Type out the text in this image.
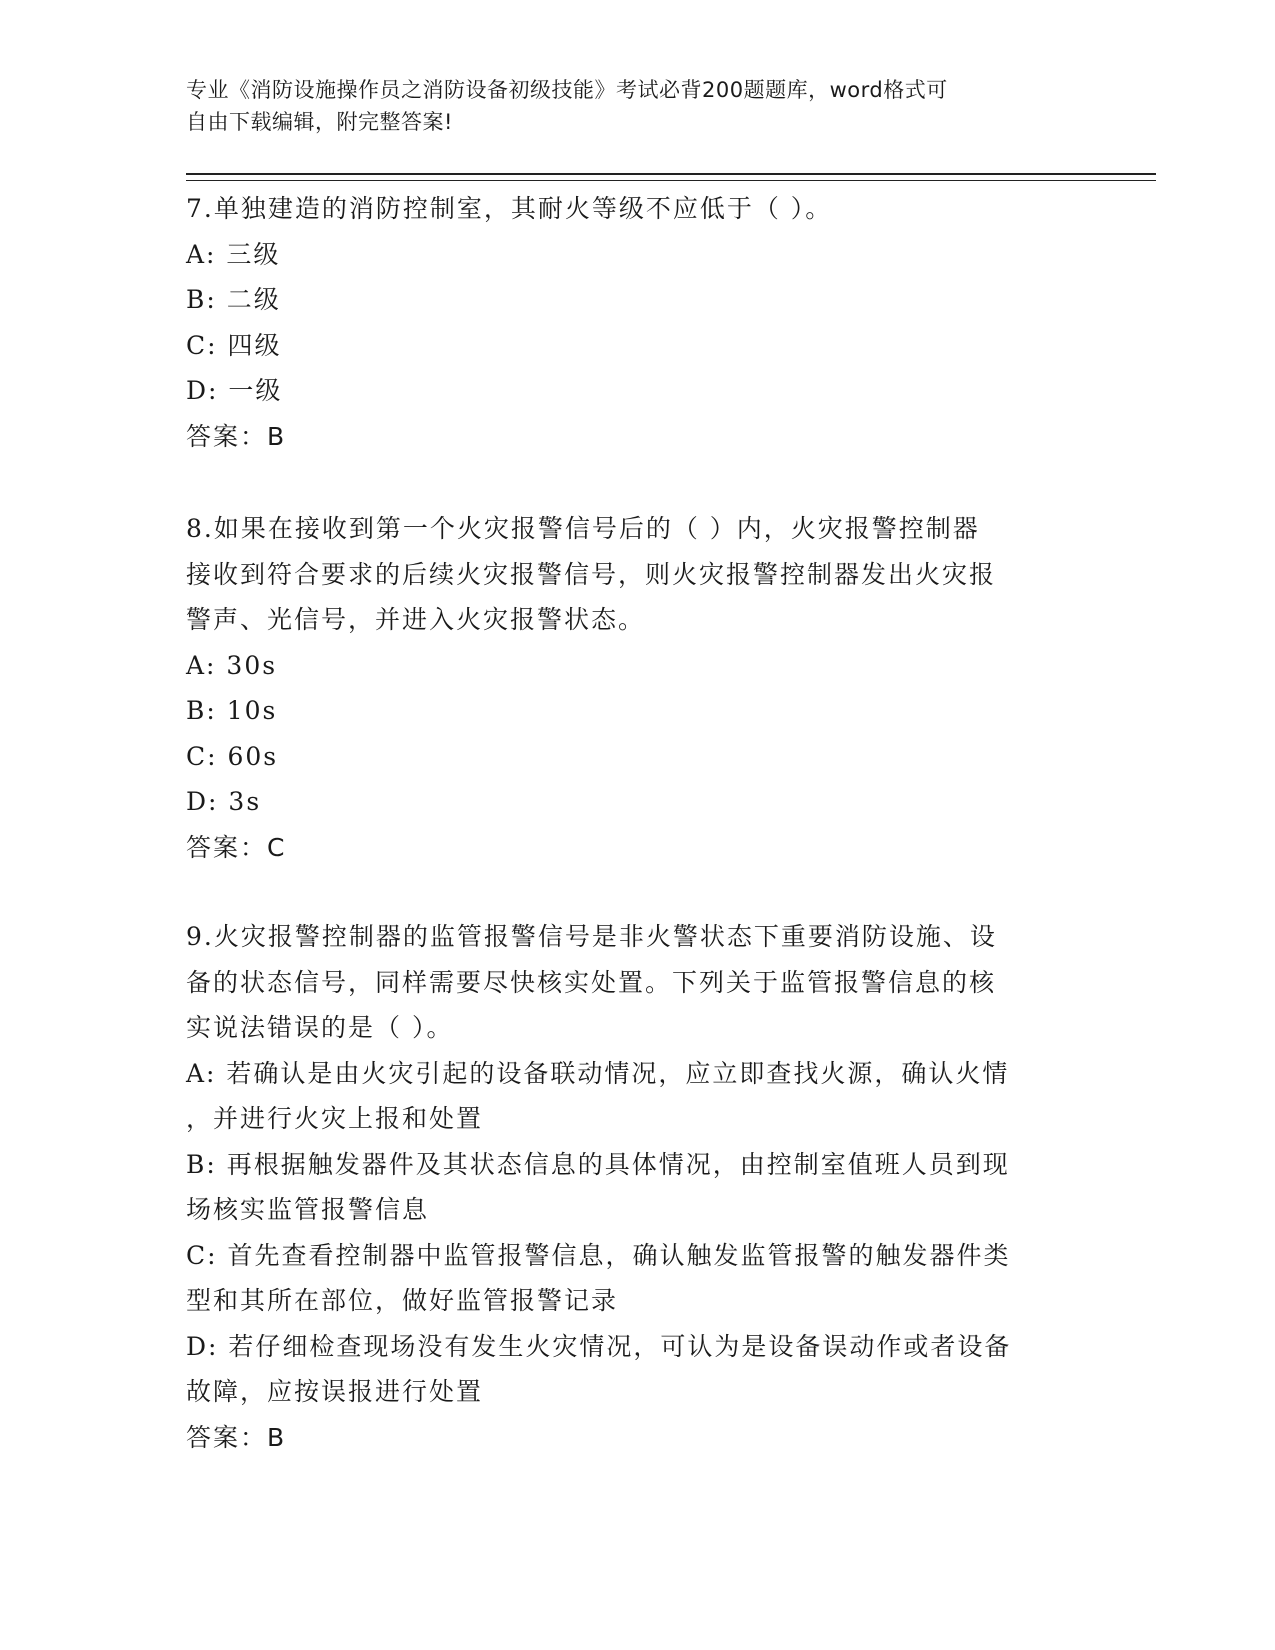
专业《消防设施操作员之消防设备初级技能》考试必背200题题库，word格式可
自由下载编辑，附完整答案!
7.单独建造的消防控制室，其耐火等级不应低于（ ）。
A: 三级
B: 二级
C: 四级
D: 一级
答案：B
8.如果在接收到第一个火灾报警信号后的（ ）内，火灾报警控制器
接收到符合要求的后续火灾报警信号，则火灾报警控制器发出火灾报
警声、光信号，并进入火灾报警状态。
A: 30s
B: 10s
C: 60s
D: 3s
答案：C
9.火灾报警控制器的监管报警信号是非火警状态下重要消防设施、设
备的状态信号，同样需要尽快核实处置。下列关于监管报警信息的核
实说法错误的是（ ）。
A: 若确认是由火灾引起的设备联动情况，应立即查找火源，确认火情
，并进行火灾上报和处置
B: 再根据触发器件及其状态信息的具体情况，由控制室值班人员到现
场核实监管报警信息
C: 首先查看控制器中监管报警信息，确认触发监管报警的触发器件类
型和其所在部位，做好监管报警记录
D: 若仔细检查现场没有发生火灾情况，可认为是设备误动作或者设备
故障，应按误报进行处置
答案：B
